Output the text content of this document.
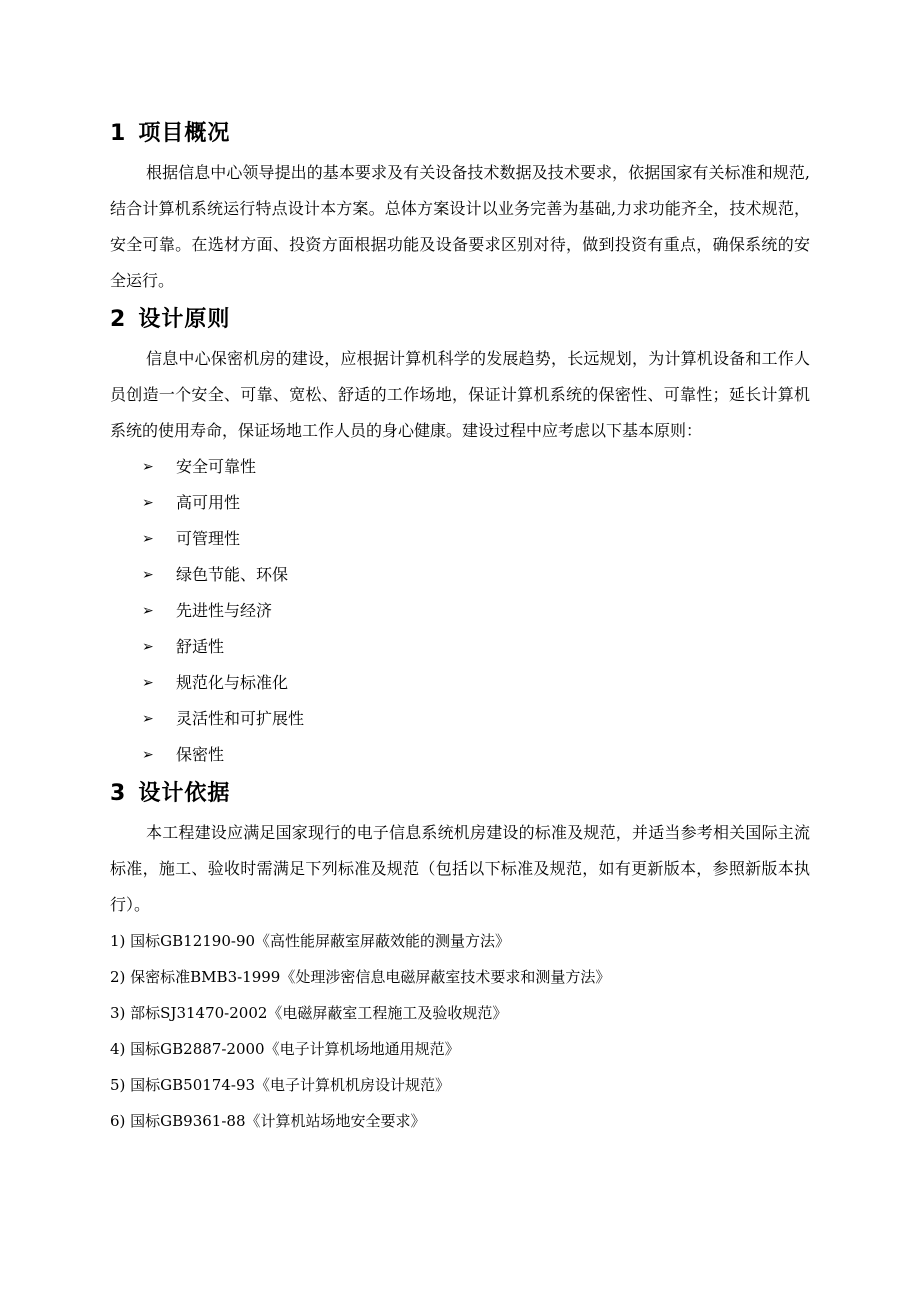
1 项目概况

根据信息中心领导提出的基本要求及有关设备技术数据及技术要求，依据国家有关标准和规范,结合计算机系统运行特点设计本方案。总体方案设计以业务完善为基础,力求功能齐全，技术规范，安全可靠。在选材方面、投资方面根据功能及设备要求区别对待，做到投资有重点，确保系统的安全运行。

2 设计原则

信息中心保密机房的建设，应根据计算机科学的发展趋势，长远规划，为计算机设备和工作人员创造一个安全、可靠、宽松、舒适的工作场地，保证计算机系统的保密性、可靠性；延长计算机系统的使用寿命，保证场地工作人员的身心健康。建设过程中应考虑以下基本原则：

➢ 安全可靠性
➢ 高可用性
➢ 可管理性
➢ 绿色节能、环保
➢ 先进性与经济
➢ 舒适性
➢ 规范化与标准化
➢ 灵活性和可扩展性
➢ 保密性
3 设计依据

本工程建设应满足国家现行的电子信息系统机房建设的标准及规范，并适当参考相关国际主流标准，施工、验收时需满足下列标准及规范（包括以下标准及规范，如有更新版本，参照新版本执行）。

1) 国标GB12190-90《高性能屏蔽室屏蔽效能的测量方法》
2) 保密标准BMB3-1999《处理涉密信息电磁屏蔽室技术要求和测量方法》
3) 部标SJ31470-2002《电磁屏蔽室工程施工及验收规范》
4) 国标GB2887-2000《电子计算机场地通用规范》
5) 国标GB50174-93《电子计算机机房设计规范》
6) 国标GB9361-88《计算机站场地安全要求》
